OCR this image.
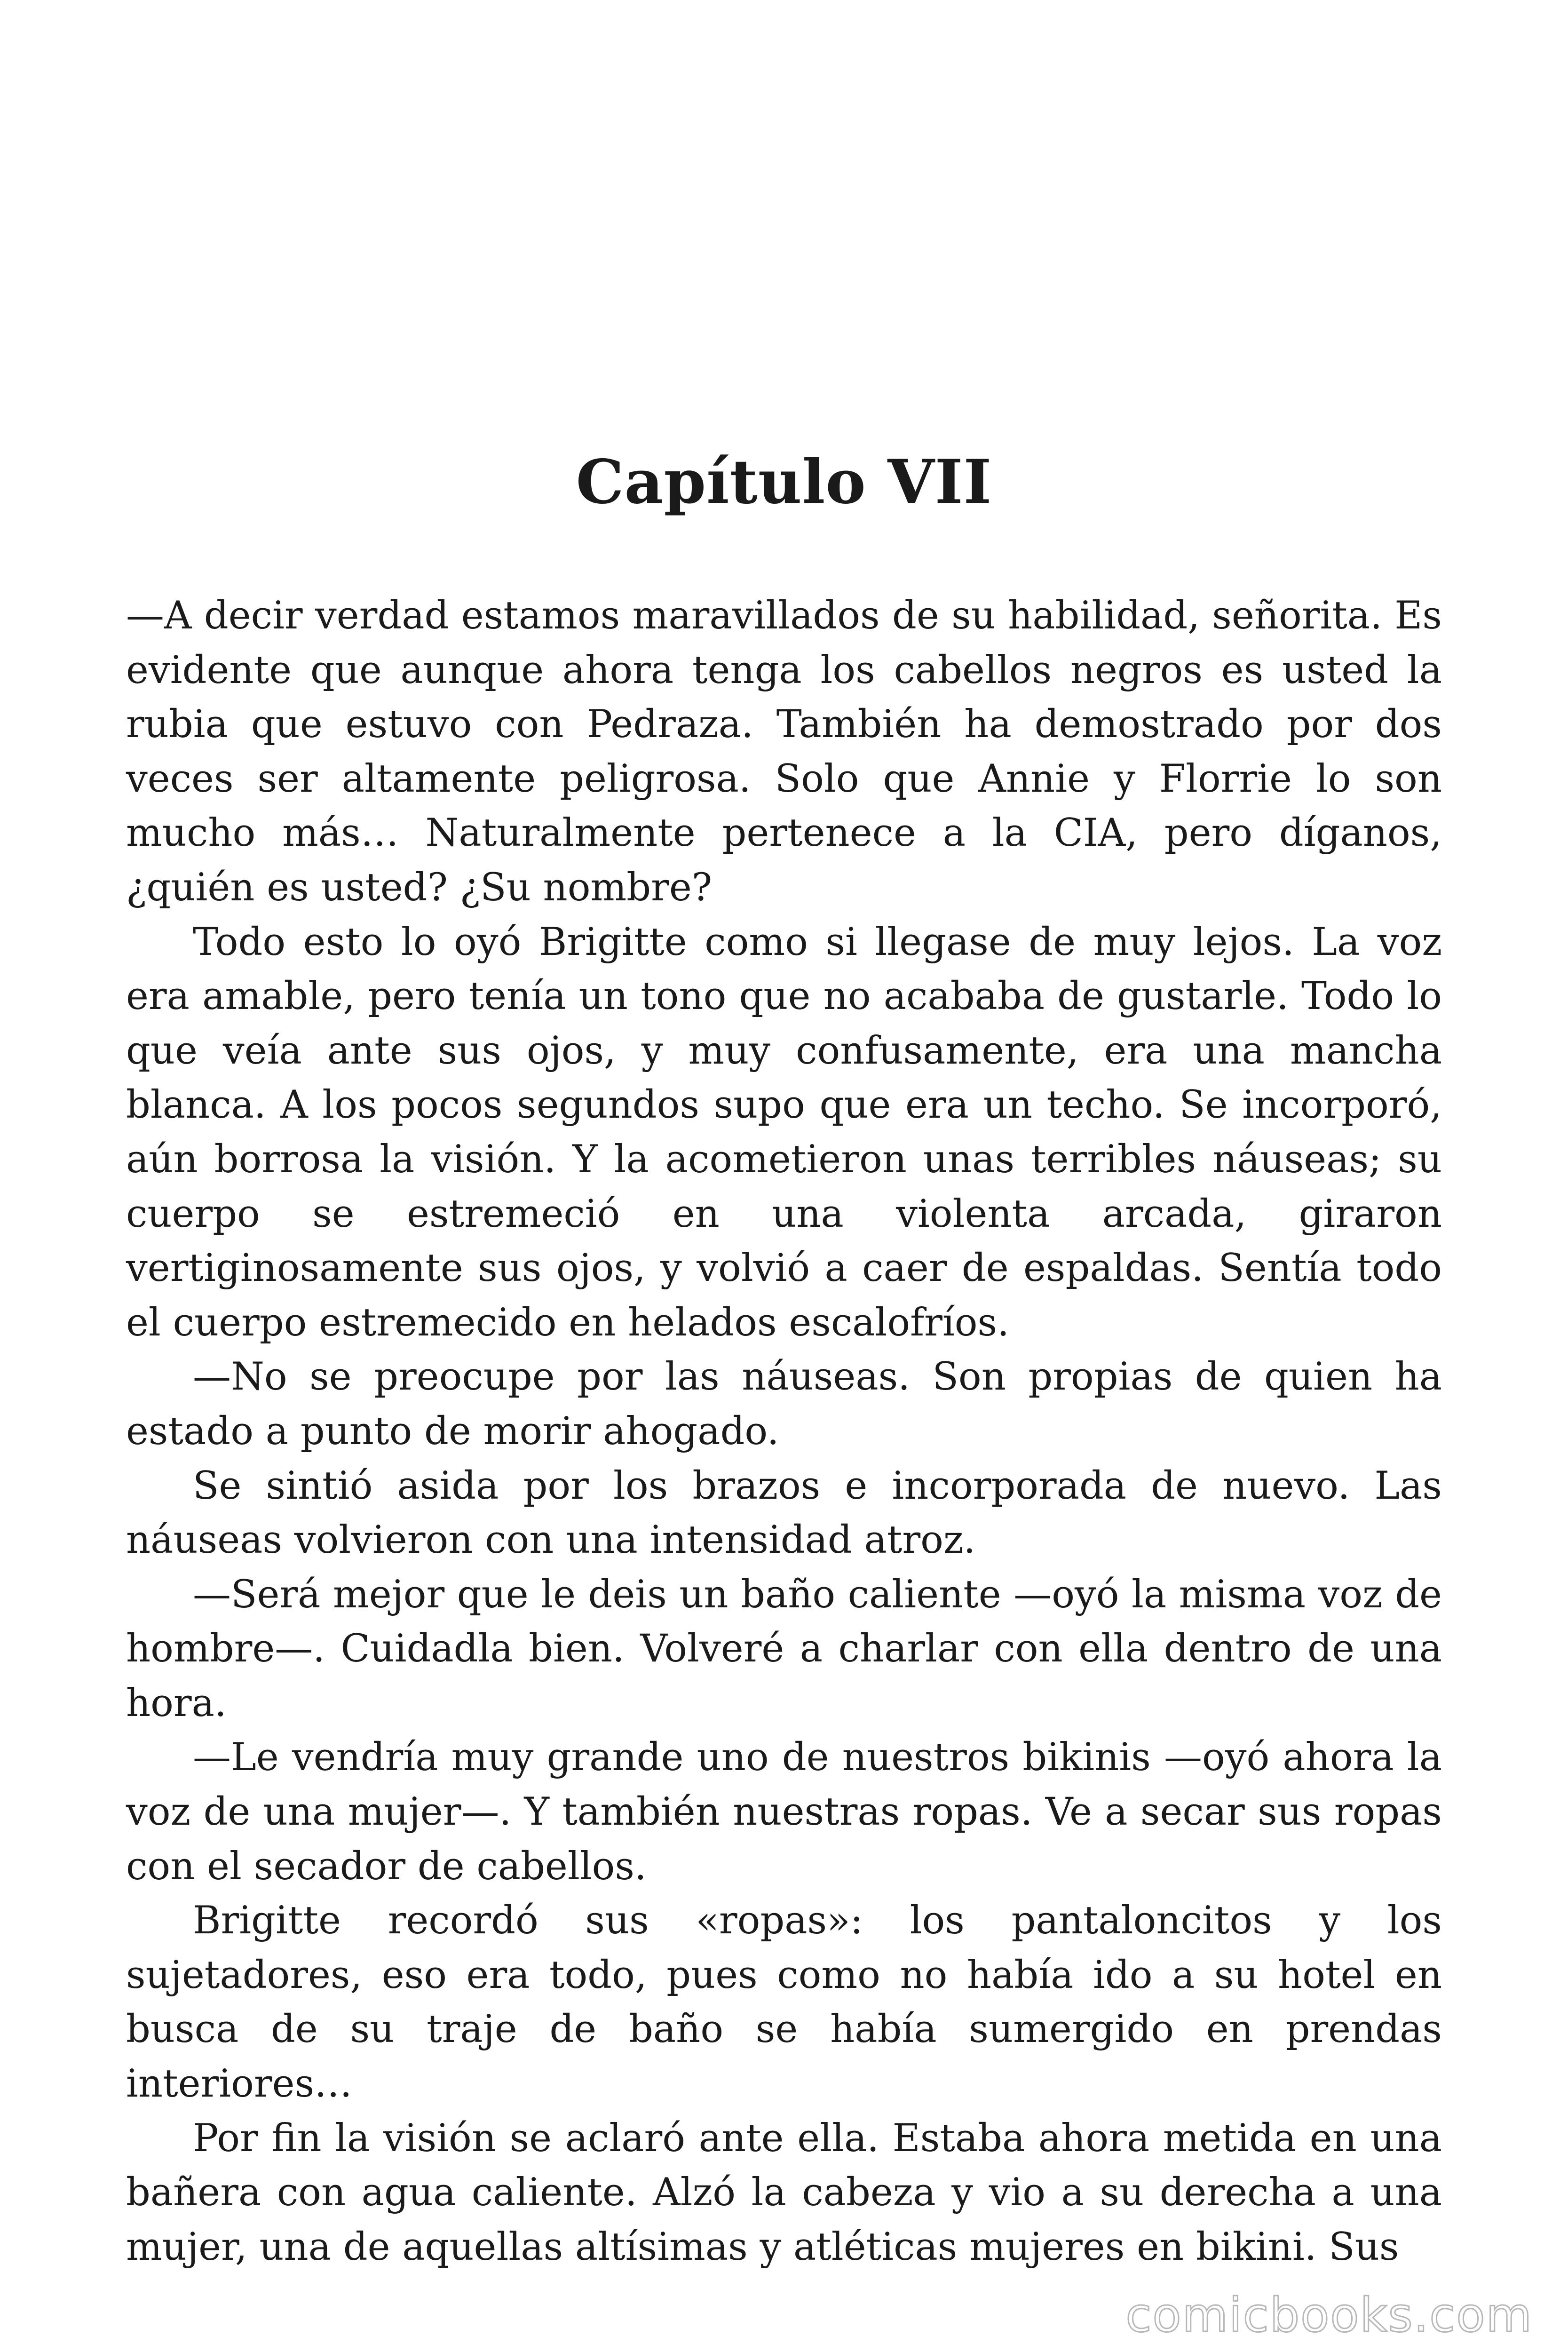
Capítulo VII

—A decir verdad estamos maravillados de su habilidad, señorita. Es evidente que aunque ahora tenga los cabellos negros es usted la rubia que estuvo con Pedraza. También ha demostrado por dos veces ser altamente peligrosa. Solo que Annie y Florrie lo son mucho más… Naturalmente pertenece a la CIA, pero díganos, ¿quién es usted? ¿Su nombre?

Todo esto lo oyó Brigitte como si llegase de muy lejos. La voz era amable, pero tenía un tono que no acababa de gustarle. Todo lo que veía ante sus ojos, y muy confusamente, era una mancha blanca. A los pocos segundos supo que era un techo. Se incorporó, aún borrosa la visión. Y la acometieron unas terribles náuseas; su cuerpo se estremeció en una violenta arcada, giraron vertiginosamente sus ojos, y volvió a caer de espaldas. Sentía todo el cuerpo estremecido en helados escalofríos.

—No se preocupe por las náuseas. Son propias de quien ha estado a punto de morir ahogado.

Se sintió asida por los brazos e incorporada de nuevo. Las náuseas volvieron con una intensidad atroz.

—Será mejor que le deis un baño caliente —oyó la misma voz de hombre—. Cuidadla bien. Volveré a charlar con ella dentro de una hora.

—Le vendría muy grande uno de nuestros bikinis —oyó ahora la voz de una mujer—. Y también nuestras ropas. Ve a secar sus ropas con el secador de cabellos.

Brigitte recordó sus «ropas»: los pantaloncitos y los sujetadores, eso era todo, pues como no había ido a su hotel en busca de su traje de baño se había sumergido en prendas interiores…

Por fin la visión se aclaró ante ella. Estaba ahora metida en una bañera con agua caliente. Alzó la cabeza y vio a su derecha a una mujer, una de aquellas altísimas y atléticas mujeres en bikini. Sus

comicbooks.com
